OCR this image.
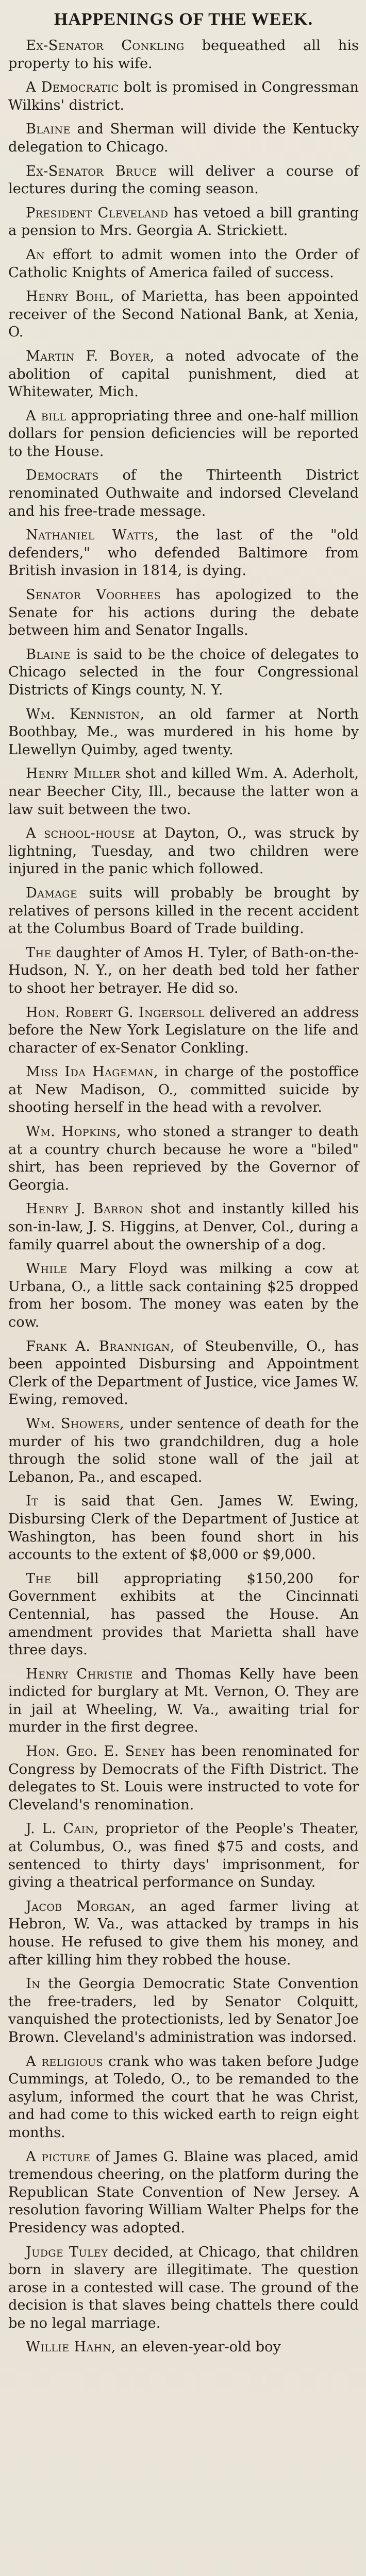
HAPPENINGS OF THE WEEK.

Ex-Senator Conkling bequeathed all his property to his wife.

A Democratic bolt is promised in Congressman Wilkins' district.

Blaine and Sherman will divide the Kentucky delegation to Chicago.

Ex-Senator Bruce will deliver a course of lectures during the coming season.

President Cleveland has vetoed a bill granting a pension to Mrs. Georgia A. Strickiett.

An effort to admit women into the Order of Catholic Knights of America failed of success.

Henry Bohl, of Marietta, has been appointed receiver of the Second National Bank, at Xenia, O.

Martin F. Boyer, a noted advocate of the abolition of capital punishment, died at Whitewater, Mich.

A bill appropriating three and one-half million dollars for pension deficiencies will be reported to the House.

Democrats of the Thirteenth District renominated Outhwaite and indorsed Cleveland and his free-trade message.

Nathaniel Watts, the last of the "old defenders," who defended Baltimore from British invasion in 1814, is dying.

Senator Voorhees has apologized to the Senate for his actions during the debate between him and Senator Ingalls.

Blaine is said to be the choice of delegates to Chicago selected in the four Congressional Districts of Kings county, N. Y.

Wm. Kenniston, an old farmer at North Boothbay, Me., was murdered in his home by Llewellyn Quimby, aged twenty.

Henry Miller shot and killed Wm. A. Aderholt, near Beecher City, Ill., because the latter won a law suit between the two.

A school-house at Dayton, O., was struck by lightning, Tuesday, and two children were injured in the panic which followed.

Damage suits will probably be brought by relatives of persons killed in the recent accident at the Columbus Board of Trade building.

The daughter of Amos H. Tyler, of Bath-on-the-Hudson, N. Y., on her death bed told her father to shoot her betrayer. He did so.

Hon. Robert G. Ingersoll delivered an address before the New York Legislature on the life and character of ex-Senator Conkling.

Miss Ida Hageman, in charge of the postoffice at New Madison, O., committed suicide by shooting herself in the head with a revolver.

Wm. Hopkins, who stoned a stranger to death at a country church because he wore a "biled" shirt, has been reprieved by the Governor of Georgia.

Henry J. Barron shot and instantly killed his son-in-law, J. S. Higgins, at Denver, Col., during a family quarrel about the ownership of a dog.

While Mary Floyd was milking a cow at Urbana, O., a little sack containing $25 dropped from her bosom. The money was eaten by the cow.

Frank A. Brannigan, of Steubenville, O., has been appointed Disbursing and Appointment Clerk of the Department of Justice, vice James W. Ewing, removed.

Wm. Showers, under sentence of death for the murder of his two grandchildren, dug a hole through the solid stone wall of the jail at Lebanon, Pa., and escaped.

It is said that Gen. James W. Ewing, Disbursing Clerk of the Department of Justice at Washington, has been found short in his accounts to the extent of $8,000 or $9,000.

The bill appropriating $150,200 for Government exhibits at the Cincinnati Centennial, has passed the House. An amendment provides that Marietta shall have three days.

Henry Christie and Thomas Kelly have been indicted for burglary at Mt. Vernon, O. They are in jail at Wheeling, W. Va., awaiting trial for murder in the first degree.

Hon. Geo. E. Seney has been renominated for Congress by Democrats of the Fifth District. The delegates to St. Louis were instructed to vote for Cleveland's renomination.

J. L. Cain, proprietor of the People's Theater, at Columbus, O., was fined $75 and costs, and sentenced to thirty days' imprisonment, for giving a theatrical performance on Sunday.

Jacob Morgan, an aged farmer living at Hebron, W. Va., was attacked by tramps in his house. He refused to give them his money, and after killing him they robbed the house.

In the Georgia Democratic State Convention the free-traders, led by Senator Colquitt, vanquished the protectionists, led by Senator Joe Brown. Cleveland's administration was indorsed.

A religious crank who was taken before Judge Cummings, at Toledo, O., to be remanded to the asylum, informed the court that he was Christ, and had come to this wicked earth to reign eight months.

A picture of James G. Blaine was placed, amid tremendous cheering, on the platform during the Republican State Convention of New Jersey. A resolution favoring William Walter Phelps for the Presidency was adopted.

Judge Tuley decided, at Chicago, that children born in slavery are illegitimate. The question arose in a contested will case. The ground of the decision is that slaves being chattels there could be no legal marriage.

Willie Hahn, an eleven-year-old boy
